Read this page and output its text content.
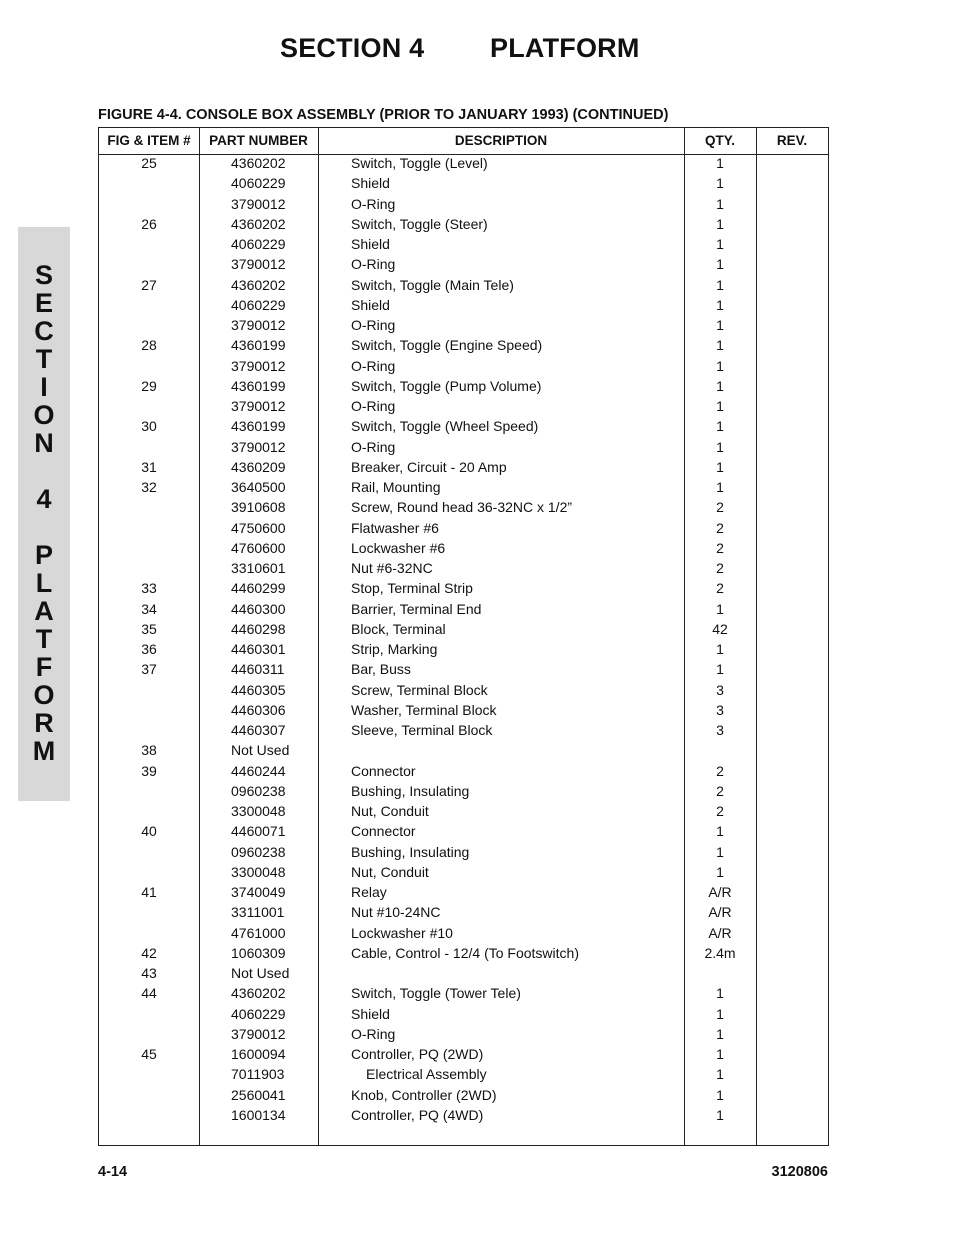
SECTION 4 PLATFORM
S
E
C
T
I
O
N
4
P
L
A
T
F
O
R
M
FIGURE 4-4. CONSOLE BOX ASSEMBLY (PRIOR TO JANUARY 1993) (CONTINUED)
FIG & ITEM #	PART NUMBER	DESCRIPTION	QTY.	REV.
25	4360202	Switch, Toggle (Level)	1
4060229	Shield	1
3790012	O-Ring	1
26	4360202	Switch, Toggle (Steer)	1
4060229	Shield	1
3790012	O-Ring	1
27	4360202	Switch, Toggle (Main Tele)	1
4060229	Shield	1
3790012	O-Ring	1
28	4360199	Switch, Toggle (Engine Speed)	1
3790012	O-Ring	1
29	4360199	Switch, Toggle (Pump Volume)	1
3790012	O-Ring	1
30	4360199	Switch, Toggle (Wheel Speed)	1
3790012	O-Ring	1
31	4360209	Breaker, Circuit - 20 Amp	1
32	3640500	Rail, Mounting	1
3910608	Screw, Round head 36-32NC x 1/2”	2
4750600	Flatwasher #6	2
4760600	Lockwasher #6	2
3310601	Nut #6-32NC	2
33	4460299	Stop, Terminal Strip	2
34	4460300	Barrier, Terminal End	1
35	4460298	Block, Terminal	42
36	4460301	Strip, Marking	1
37	4460311	Bar, Buss	1
4460305	Screw, Terminal Block	3
4460306	Washer, Terminal Block	3
4460307	Sleeve, Terminal Block	3
38	Not Used
39	4460244	Connector	2
0960238	Bushing, Insulating	2
3300048	Nut, Conduit	2
40	4460071	Connector	1
0960238	Bushing, Insulating	1
3300048	Nut, Conduit	1
41	3740049	Relay	A/R
3311001	Nut #10-24NC	A/R
4761000	Lockwasher #10	A/R
42	1060309	Cable, Control - 12/4 (To Footswitch)	2.4m
43	Not Used
44	4360202	Switch, Toggle (Tower Tele)	1
4060229	Shield	1
3790012	O-Ring	1
45	1600094	Controller, PQ (2WD)	1
7011903	Electrical Assembly	1
2560041	Knob, Controller (2WD)	1
1600134	Controller, PQ (4WD)	1
4-14	3120806
